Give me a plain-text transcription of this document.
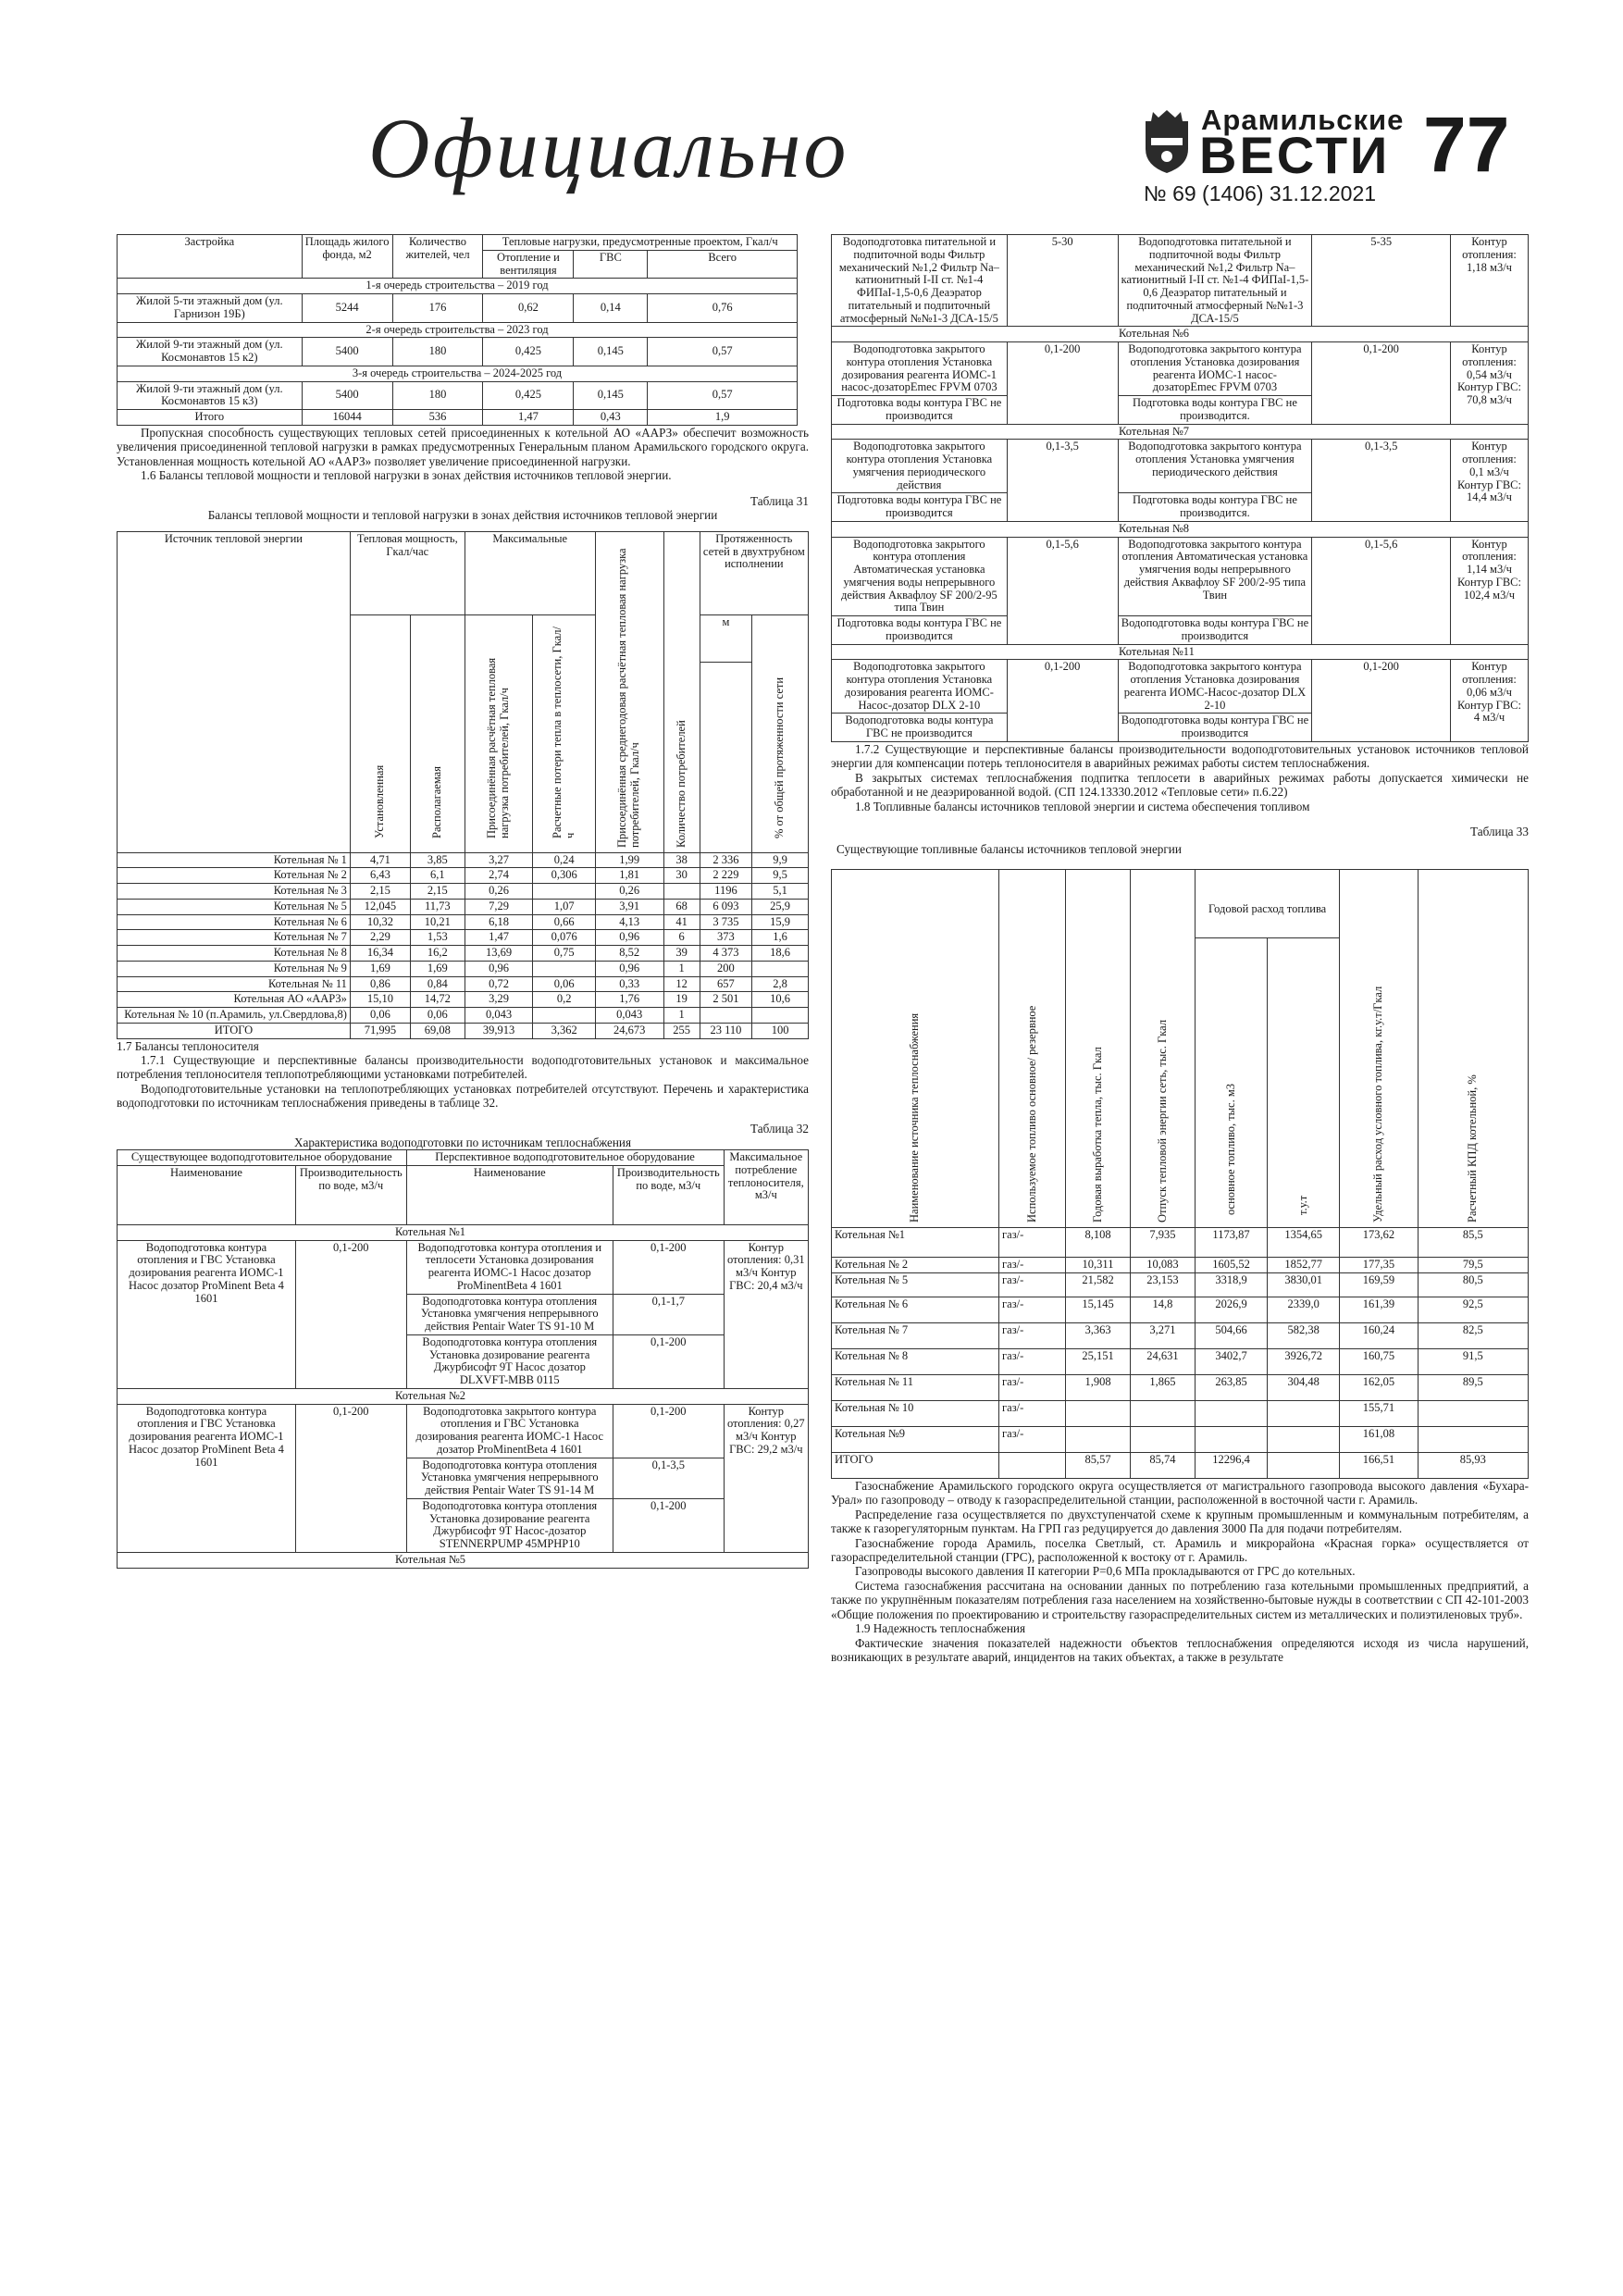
Официально	Арамильские
ВЕСТИ 77
№ 69 (1406) 31.12.2021
Застройка	Площадь жилого фонда, м2	Количество жителей, чел	Тепловые нагрузки, предусмотренные проектом, Гкал/ч		
			Отопление и вентиляция	ГВС	Всего
1-я очередь строительства – 2019 год					
Жилой 5-ти этажный дом (ул. Гарнизон 19Б)	5244	176	0,62	0,14	0,76
2-я очередь строительства – 2023 год					
Жилой 9-ти этажный дом (ул. Космонавтов 15 к2)	5400	180	0,425	0,145	0,57
3-я очередь строительства – 2024-2025 год					
Жилой 9-ти этажный дом (ул. Космонавтов 15 к3)	5400	180	0,425	0,145	0,57
Итого	16044	536	1,47	0,43	1,9

Пропускная способность существующих тепловых сетей присоединенных к котельной АО «ААРЗ» обеспечит возможность увеличения присоединенной тепловой нагрузки в рамках предусмотренных Генеральным планом Арамильского городского округа. Установленная мощность котельной АО «ААРЗ» позволяет увеличение присоединенной нагрузки.

1.6 Балансы тепловой мощности и тепловой нагрузки в зонах действия источников тепловой энергии.

Таблица 31
Балансы тепловой мощности и тепловой нагрузки в зонах действия источников тепловой энергии
Источник тепловой энергии	Тепловая мощность, Гкал/час		Максимальные		Присоединённая среднегодовая расчётная тепловая нагрузка потребителей, Гкал/ч	Количество потребителей	Протяженность сетей в двухтрубном исполнении	
	Установленная	Располагаемая	Присоединённая расчётная тепловая нагрузка потребителей, Гкал/ч	Расчетные потери тепла в теплосети, Гкал/ч			м	% от общей протяженности сети

Котельная № 1	4,71	3,85	3,27	0,24	1,99	38	2 336	9,9
Котельная № 2	6,43	6,1	2,74	0,306	1,81	30	2 229	9,5
Котельная № 3	2,15	2,15	0,26		0,26		1196	5,1
Котельная № 5	12,045	11,73	7,29	1,07	3,91	68	6 093	25,9
Котельная № 6	10,32	10,21	6,18	0,66	4,13	41	3 735	15,9
Котельная № 7	2,29	1,53	1,47	0,076	0,96	6	373	1,6
Котельная № 8	16,34	16,2	13,69	0,75	8,52	39	4 373	18,6
Котельная № 9	1,69	1,69	0,96		0,96	1	200	
Котельная № 11	0,86	0,84	0,72	0,06	0,33	12	657	2,8
Котельная АО «ААРЗ»	15,10	14,72	3,29	0,2	1,76	19	2 501	10,6
Котельная № 10 (п.Арамиль, ул.Свердлова,8)	0,06	0,06	0,043		0,043	1		
ИТОГО	71,995	69,08	39,913	3,362	24,673	255	23 110	100

1.7 Балансы теплоносителя

1.7.1 Существующие и перспективные балансы производительности водоподготовительных установок и максимальное потребления теплоносителя теплопотребляющими установками потребителей.

Водоподготовительные установки на теплопотребляющих установках потребителей отсутствуют. Перечень и характеристика водоподготовки по источникам теплоснабжения приведены в таблице 32.

Таблица 32
Характеристика водоподготовки по источникам теплоснабжения
Существующее водоподготовительное оборудование		Перспективное водоподготовительное оборудование		Максимальное потребление теплоносителя, м3/ч
Наименование	Производительность по воде, м3/ч	Наименование	Производительность по воде, м3/ч	
Котельная №1				
Водоподготовка контура отопления и ГВС Установка дозирования реагента ИОМС-1 Насос дозатор ProMinent Beta 4 1601	0,1-200	Водоподготовка контура отопления и теплосети Установка дозирования реагента ИОМС-1 Насос дозатор ProMinentBeta 4 1601	0,1-200	Контур отопления: 0,31 м3/ч Контур ГВС: 20,4 м3/ч
		Водоподготовка контура отопления Установка умягчения непрерывного действия Pentair Water TS 91-10 M	0,1-1,7	
		Водоподготовка контура отопления Установка дозирование реагента Джурбисофт 9Т Насос дозатор DLXVFT-MBB 0115	0,1-200	
Котельная №2				
Водоподготовка контура отопления и ГВС Установка дозирования реагента ИОМС-1 Насос дозатор ProMinent Beta 4 1601	0,1-200	Водоподготовка закрытого контура отопления и ГВС Установка дозирования реагента ИОМС-1 Насос дозатор ProMinentBeta 4 1601	0,1-200	Контур отопления: 0,27 м3/ч Контур ГВС: 29,2 м3/ч
		Водоподготовка контура отопления Установка умягчения непрерывного действия Pentair Water TS 91-14 M	0,1-3,5	
		Водоподготовка контура отопления Установка дозирование реагента Джурбисофт 9Т Насос-дозатор STENNERPUMP 45MPHP10	0,1-200	
Котельная №5				
Водоподготовка питательной и подпиточной воды Фильтр механический №1,2 Фильтр Na–катионитный I-II ст. №1-4 ФИПаI-1,5-0,6 Деаэратор питательный и подпиточный атмосферный №№1-3 ДСА-15/5	5-30	Водоподготовка питательной и подпиточной воды Фильтр механический №1,2 Фильтр Na–катионитный I-II ст. №1-4 ФИПаI-1,5-0,6 Деаэратор питательный и подпиточный атмосферный №№1-3 ДСА-15/5	5-35	Контур отопления: 1,18 м3/ч
Котельная №6				
Водоподготовка закрытого контура отопления Установка дозирования реагента ИОМС-1 насос-дозаторEmec FPVM 0703	0,1-200	Водоподготовка закрытого контура отопления Установка дозирования реагента ИОМС-1 насос-дозаторEmec FPVM 0703	0,1-200	Контур отопления: 0,54 м3/ч Контур ГВС: 70,8 м3/ч
Подготовка воды контура ГВС не производится		Подготовка воды контура ГВС не производится.		
Котельная №7				
Водоподготовка закрытого контура отопления Установка умягчения периодического действия	0,1-3,5	Водоподготовка закрытого контура отопления Установка умягчения периодического действия	0,1-3,5	Контур отопления: 0,1 м3/ч Контур ГВС: 14,4 м3/ч
Подготовка воды контура ГВС не производится		Подготовка воды контура ГВС не производится.		
Котельная №8				
Водоподготовка закрытого контура отопления Автоматическая установка умягчения воды непрерывного действия Аквафлоу SF 200/2-95 типа Твин	0,1-5,6	Водоподготовка закрытого контура отопления Автоматическая установка умягчения воды непрерывного действия Аквафлоу SF 200/2-95 типа Твин	0,1-5,6	Контур отопления: 1,14 м3/ч Контур ГВС: 102,4 м3/ч
Подготовка воды контура ГВС не производится		Водоподготовка воды контура ГВС не производится		
Котельная №11				
Водоподготовка закрытого контура отопления Установка дозирования реагента ИОМС-Насос-дозатор DLX 2-10	0,1-200	Водоподготовка закрытого контура отопления Установка дозирования реагента ИОМС-Насос-дозатор DLX 2-10	0,1-200	Контур отопления: 0,06 м3/ч Контур ГВС: 4 м3/ч
Водоподготовка воды контура ГВС не производится		Водоподготовка воды контура ГВС не производится		

1.7.2 Существующие и перспективные балансы производительности водоподготовительных установок источников тепловой энергии для компенсации потерь теплоносителя в аварийных режимах работы систем теплоснабжения.

В закрытых системах теплоснабжения подпитка теплосети в аварийных режимах работы допускается химически не обработанной и не деаэрированной водой. (СП 124.13330.2012 «Тепловые сети» п.6.22)

1.8 Топливные балансы источников тепловой энергии и система обеспечения топливом

Таблица 33
Существующие топливные балансы источников тепловой энергии
Наименование источника теплоснабжения	Используемое топливо основное/ резервное	Годовая выработка тепла, тыс. Гкал	Отпуск тепловой энергии сеть, тыс. Гкал	Годовой расход топлива		Удельный расход условного топлива, кг.у.т/Гкал	Расчетный КПД котельной, %
				основное топливо, тыс. м3	т.у.т		
Котельная №1	газ/-	8,108	7,935	1173,87	1354,65	173,62	85,5
Котельная № 2	газ/-	10,311	10,083	1605,52	1852,77	177,35	79,5
Котельная № 5	газ/-	21,582	23,153	3318,9	3830,01	169,59	80,5
Котельная № 6	газ/-	15,145	14,8	2026,9	2339,0	161,39	92,5
Котельная № 7	газ/-	3,363	3,271	504,66	582,38	160,24	82,5
Котельная № 8	газ/-	25,151	24,631	3402,7	3926,72	160,75	91,5
Котельная № 11	газ/-	1,908	1,865	263,85	304,48	162,05	89,5
Котельная № 10	газ/-					155,71	
Котельная №9	газ/-					161,08	
ИТОГО		85,57	85,74	12296,4		166,51	85,93

Газоснабжение Арамильского городского округа осуществляется от магистрального газопровода высокого давления «Бухара-Урал» по газопроводу – отводу к газораспределительной станции, расположенной в восточной части г. Арамиль.

Распределение газа осуществляется по двухступенчатой схеме к крупным промышленным и коммунальным потребителям, а также к газорегуляторным пунктам. На ГРП газ редуцируется до давления 3000 Па для подачи потребителям.

Газоснабжение города Арамиль, поселка Светлый, ст. Арамиль и микрорайона «Красная горка» осуществляется от газораспределительной станции (ГРС), расположенной к востоку от г. Арамиль.

Газопроводы высокого давления II категории P=0,6 МПа прокладываются от ГРС до котельных.

Система газоснабжения рассчитана на основании данных по потреблению газа котельными промышленных предприятий, а также по укрупнённым показателям потребления газа населением на хозяйственно-бытовые нужды в соответствии с СП 42-101-2003 «Общие положения по проектированию и строительству газораспределительных систем из металлических и полиэтиленовых труб».

1.9 Надежность теплоснабжения

Фактические значения показателей надежности объектов теплоснабжения определяются исходя из числа нарушений, возникающих в результате аварий, инцидентов на таких объектах, а также в результате
